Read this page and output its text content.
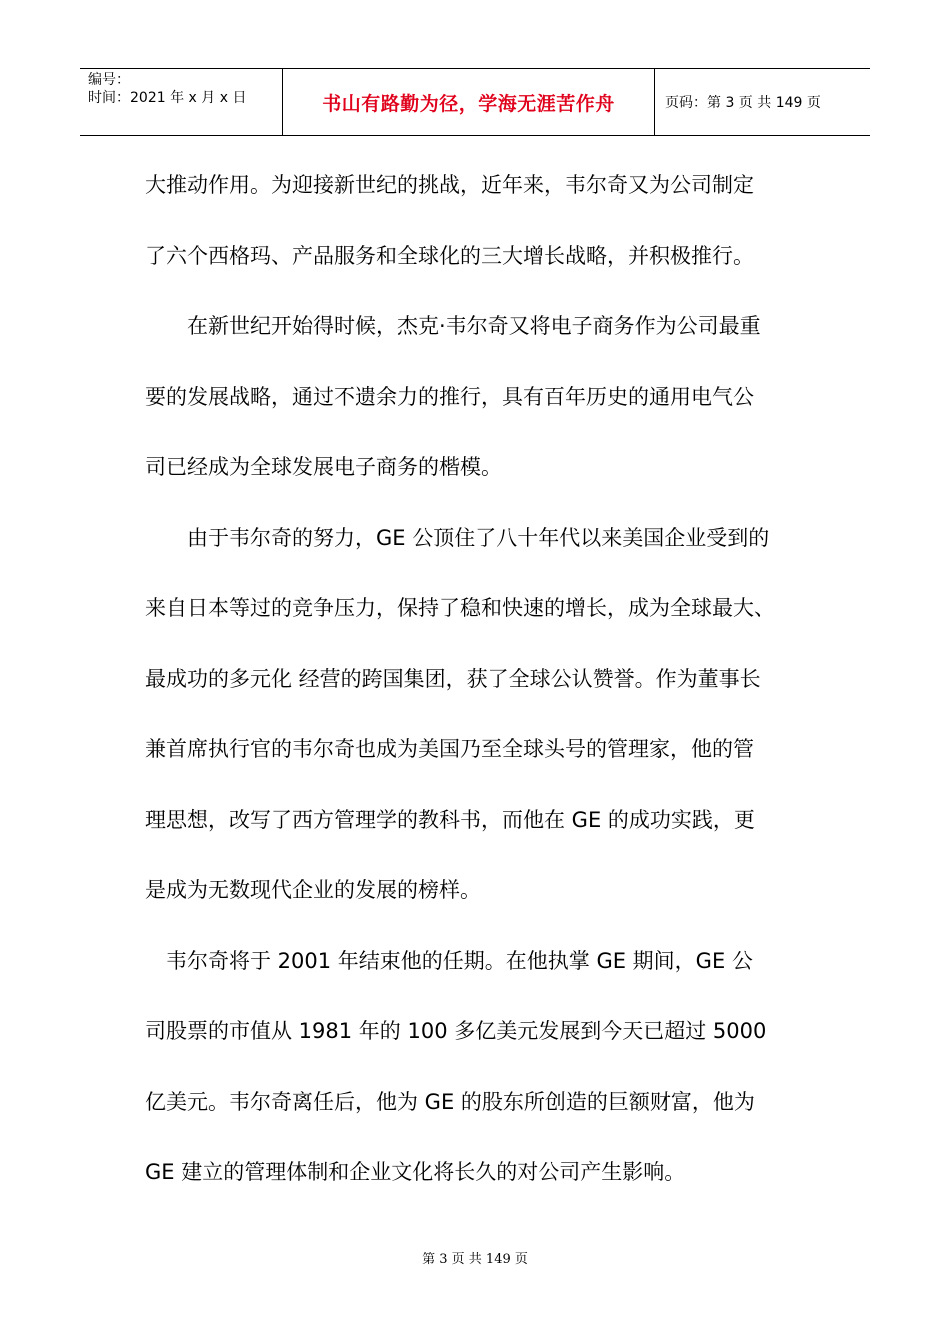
编号：
时间：2021 年 x 月 x 日	书山有路勤为径，学海无涯苦作舟	页码：第 3 页 共 149 页

大推动作用。为迎接新世纪的挑战，近年来，韦尔奇又为公司制定

了六个西格玛、产品服务和全球化的三大增长战略，并积极推行。

　　在新世纪开始得时候，杰克·韦尔奇又将电子商务作为公司最重

要的发展战略，通过不遗余力的推行，具有百年历史的通用电气公

司已经成为全球发展电子商务的楷模。

　　由于韦尔奇的努力，GE 公顶住了八十年代以来美国企业受到的

来自日本等过的竞争压力，保持了稳和快速的增长，成为全球最大、

最成功的多元化 经营的跨国集团，获了全球公认赞誉。作为董事长

兼首席执行官的韦尔奇也成为美国乃至全球头号的管理家，他的管

理思想，改写了西方管理学的教科书，而他在 GE 的成功实践，更

是成为无数现代企业的发展的榜样。

　韦尔奇将于 2001 年结束他的任期。在他执掌 GE 期间，GE 公

司股票的市值从 1981 年的 100 多亿美元发展到今天已超过 5000

亿美元。韦尔奇离任后，他为 GE 的股东所创造的巨额财富，他为

GE 建立的管理体制和企业文化将长久的对公司产生影响。

第 3 页 共 149 页
